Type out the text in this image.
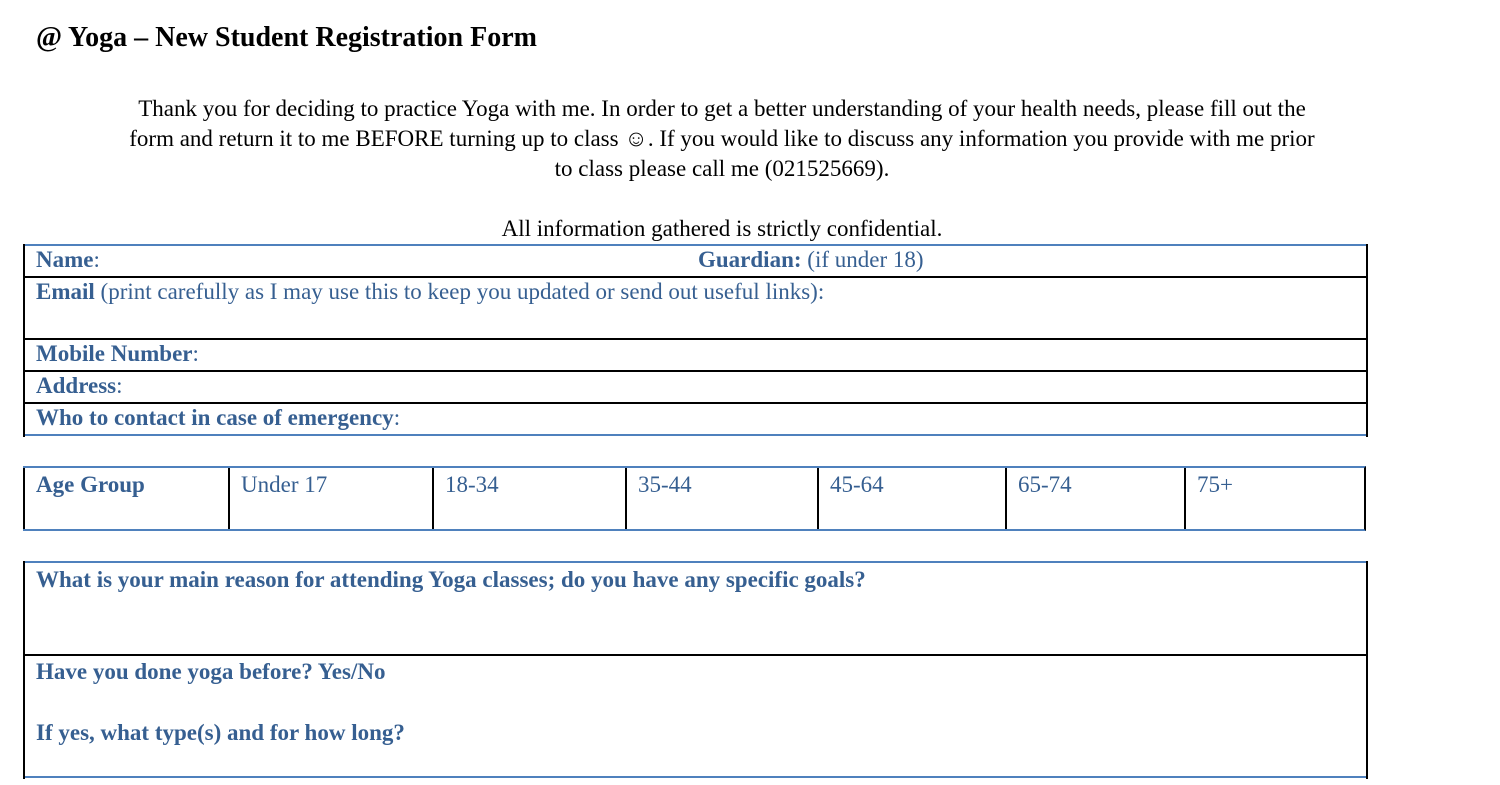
@ Yoga – New Student Registration Form
Thank you for deciding to practice Yoga with me. In order to get a better understanding of your health needs, please fill out the
form and return it to me BEFORE turning up to class ☺. If you would like to discuss any information you provide with me prior
to class please call me (021525669).
All information gathered is strictly confidential.
Name:	Guardian: (if under 18)
Email (print carefully as I may use this to keep you updated or send out useful links):
Mobile Number:
Address:
Who to contact in case of emergency:
Age Group	Under 17	18-34	35-44	45-64	65-74	75+
What is your main reason for attending Yoga classes; do you have any specific goals?
Have you done yoga before? Yes/No
If yes, what type(s) and for how long?
